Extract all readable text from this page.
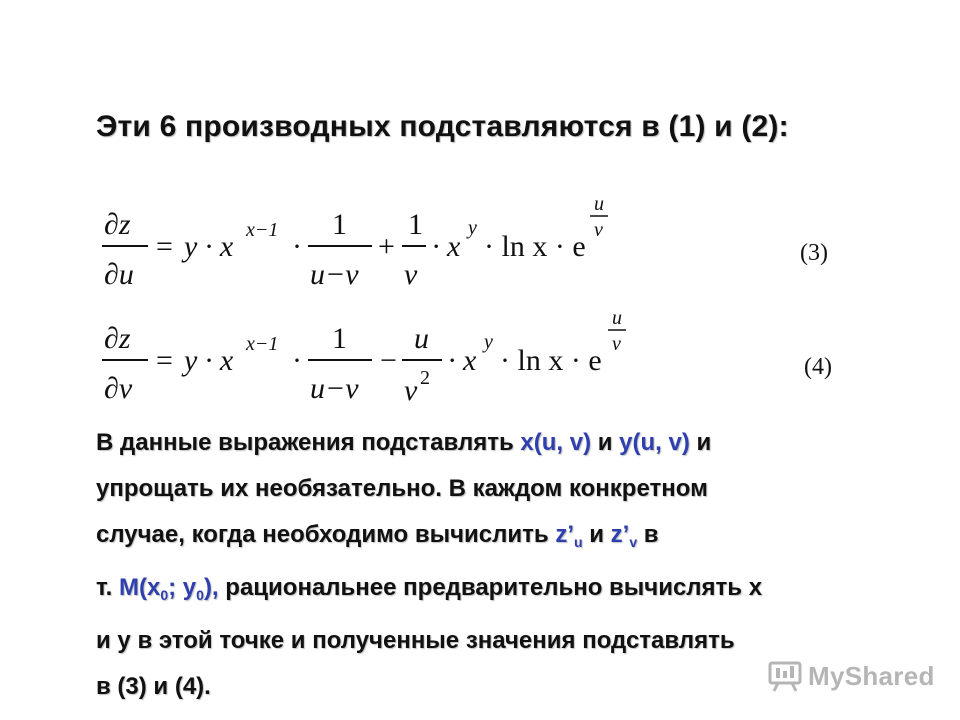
Эти 6 производных подставляются в (1) и (2):
∂z
∂u
= y · x x−1 ·
1
u−v
+
1
v
· x
y
· ln x · e
u
v
(3)
∂z
∂v
= y · x x−1 ·
1
u−v
−
u
v 2
· x
y
· ln x · e
u
v
(4)
В данные выражения подставлять x(u, v) и y(u, v) и
упрощать их необязательно. В каждом конкретном
случае, когда необходимо вычислить $z’_u$ и $z’_v$ в
т. $M(x_0$; $y_0$), рациональнее предварительно вычислять x
и y в этой точке и полученные значения подставлять
в (3) и (4).	MyShared
